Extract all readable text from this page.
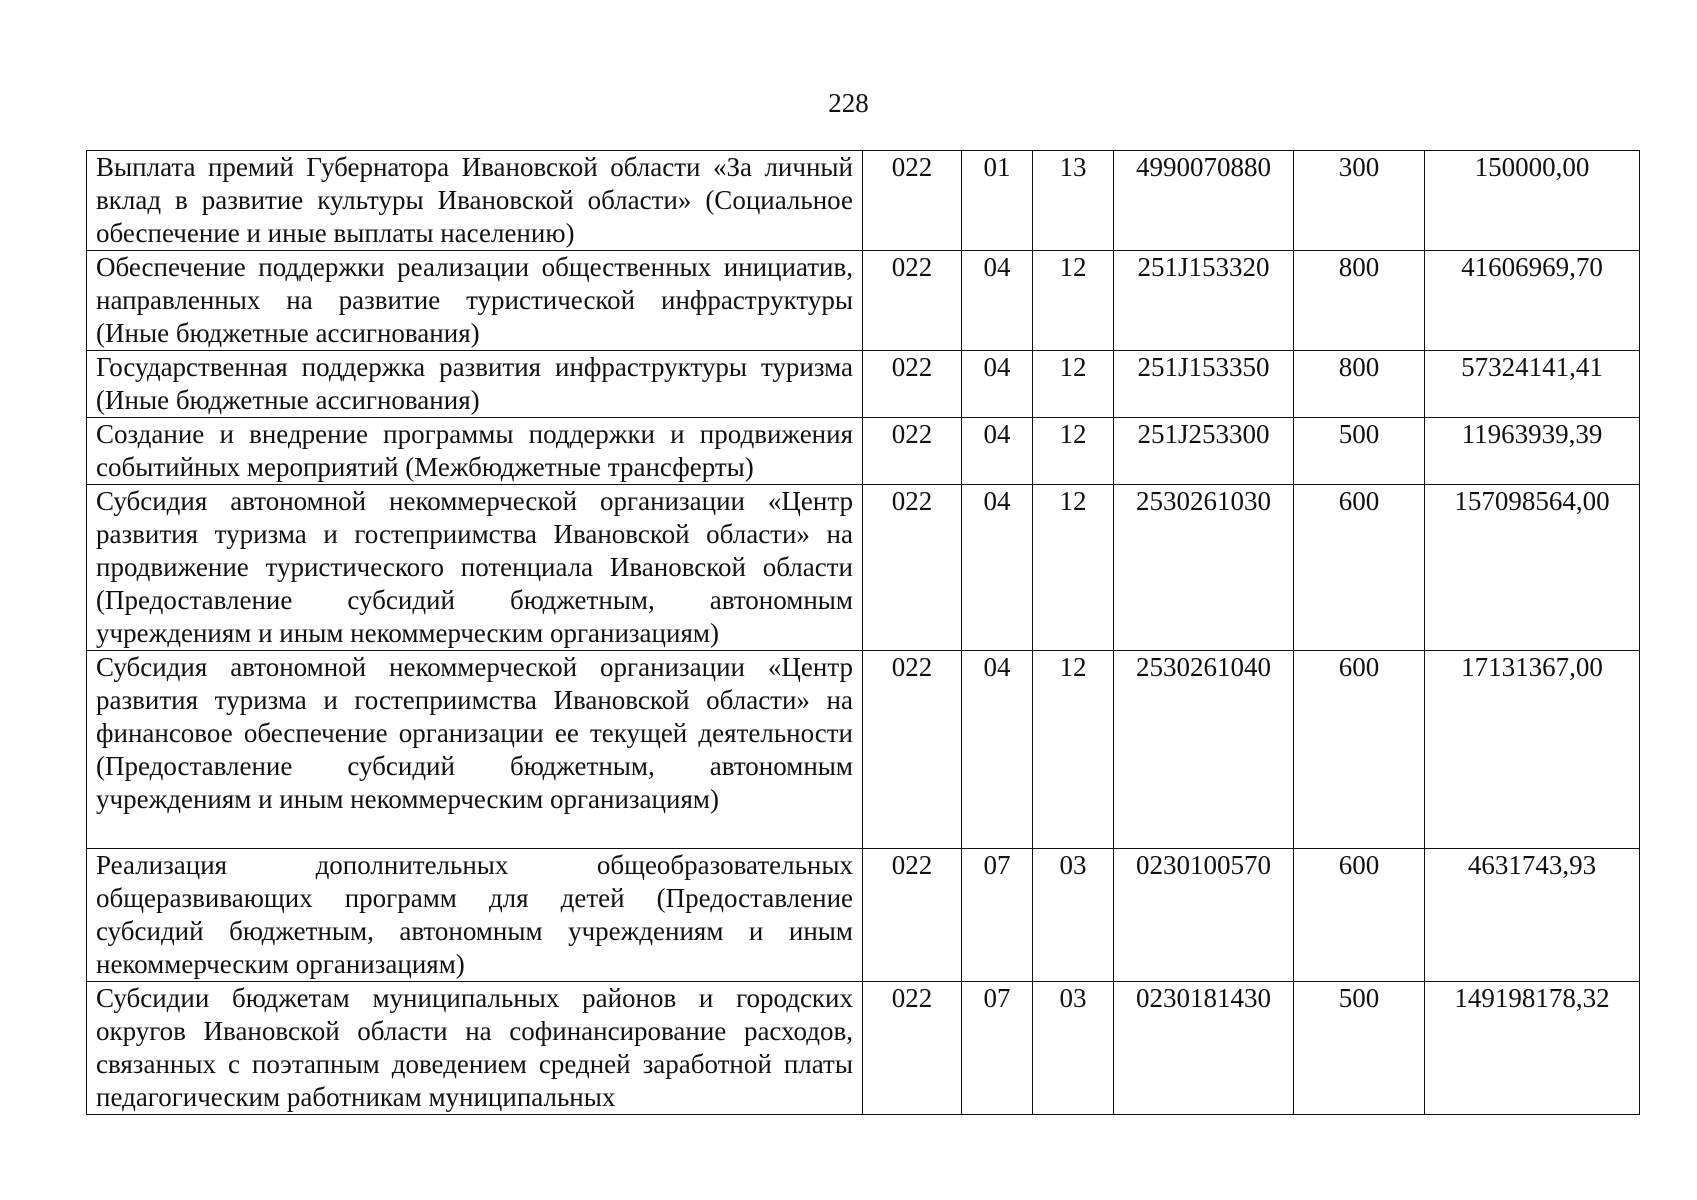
228
Выплата премий Губернатора Ивановской области «За личный вклад в развитие культуры Ивановской области» (Социальное обеспечение и иные выплаты населению)	022	01	13	4990070880	300	150000,00
Обеспечение поддержки реализации общественных инициатив, направленных на развитие туристической инфраструктуры (Иные бюджетные ассигнования)	022	04	12	251J153320	800	41606969,70
Государственная поддержка развития инфраструктуры туризма (Иные бюджетные ассигнования)	022	04	12	251J153350	800	57324141,41
Создание и внедрение программы поддержки и продвижения событийных мероприятий (Межбюджетные трансферты)	022	04	12	251J253300	500	11963939,39
Субсидия автономной некоммерческой организации «Центр развития туризма и гостеприимства Ивановской области» на продвижение туристического потенциала Ивановской области (Предоставление субсидий бюджетным, автономным учреждениям и иным некоммерческим организациям)	022	04	12	2530261030	600	157098564,00
Субсидия автономной некоммерческой организации «Центр развития туризма и гостеприимства Ивановской области» на финансовое обеспечение организации ее текущей деятельности (Предоставление субсидий бюджетным, автономным учреждениям и иным некоммерческим организациям)	022	04	12	2530261040	600	17131367,00
Реализация дополнительных общеобразовательных общеразвивающих программ для детей (Предоставление субсидий бюджетным, автономным учреждениям и иным некоммерческим организациям)	022	07	03	0230100570	600	4631743,93
Субсидии бюджетам муниципальных районов и городских округов Ивановской области на софинансирование расходов, связанных с поэтапным доведением средней заработной платы педагогическим работникам муниципальных	022	07	03	0230181430	500	149198178,32
